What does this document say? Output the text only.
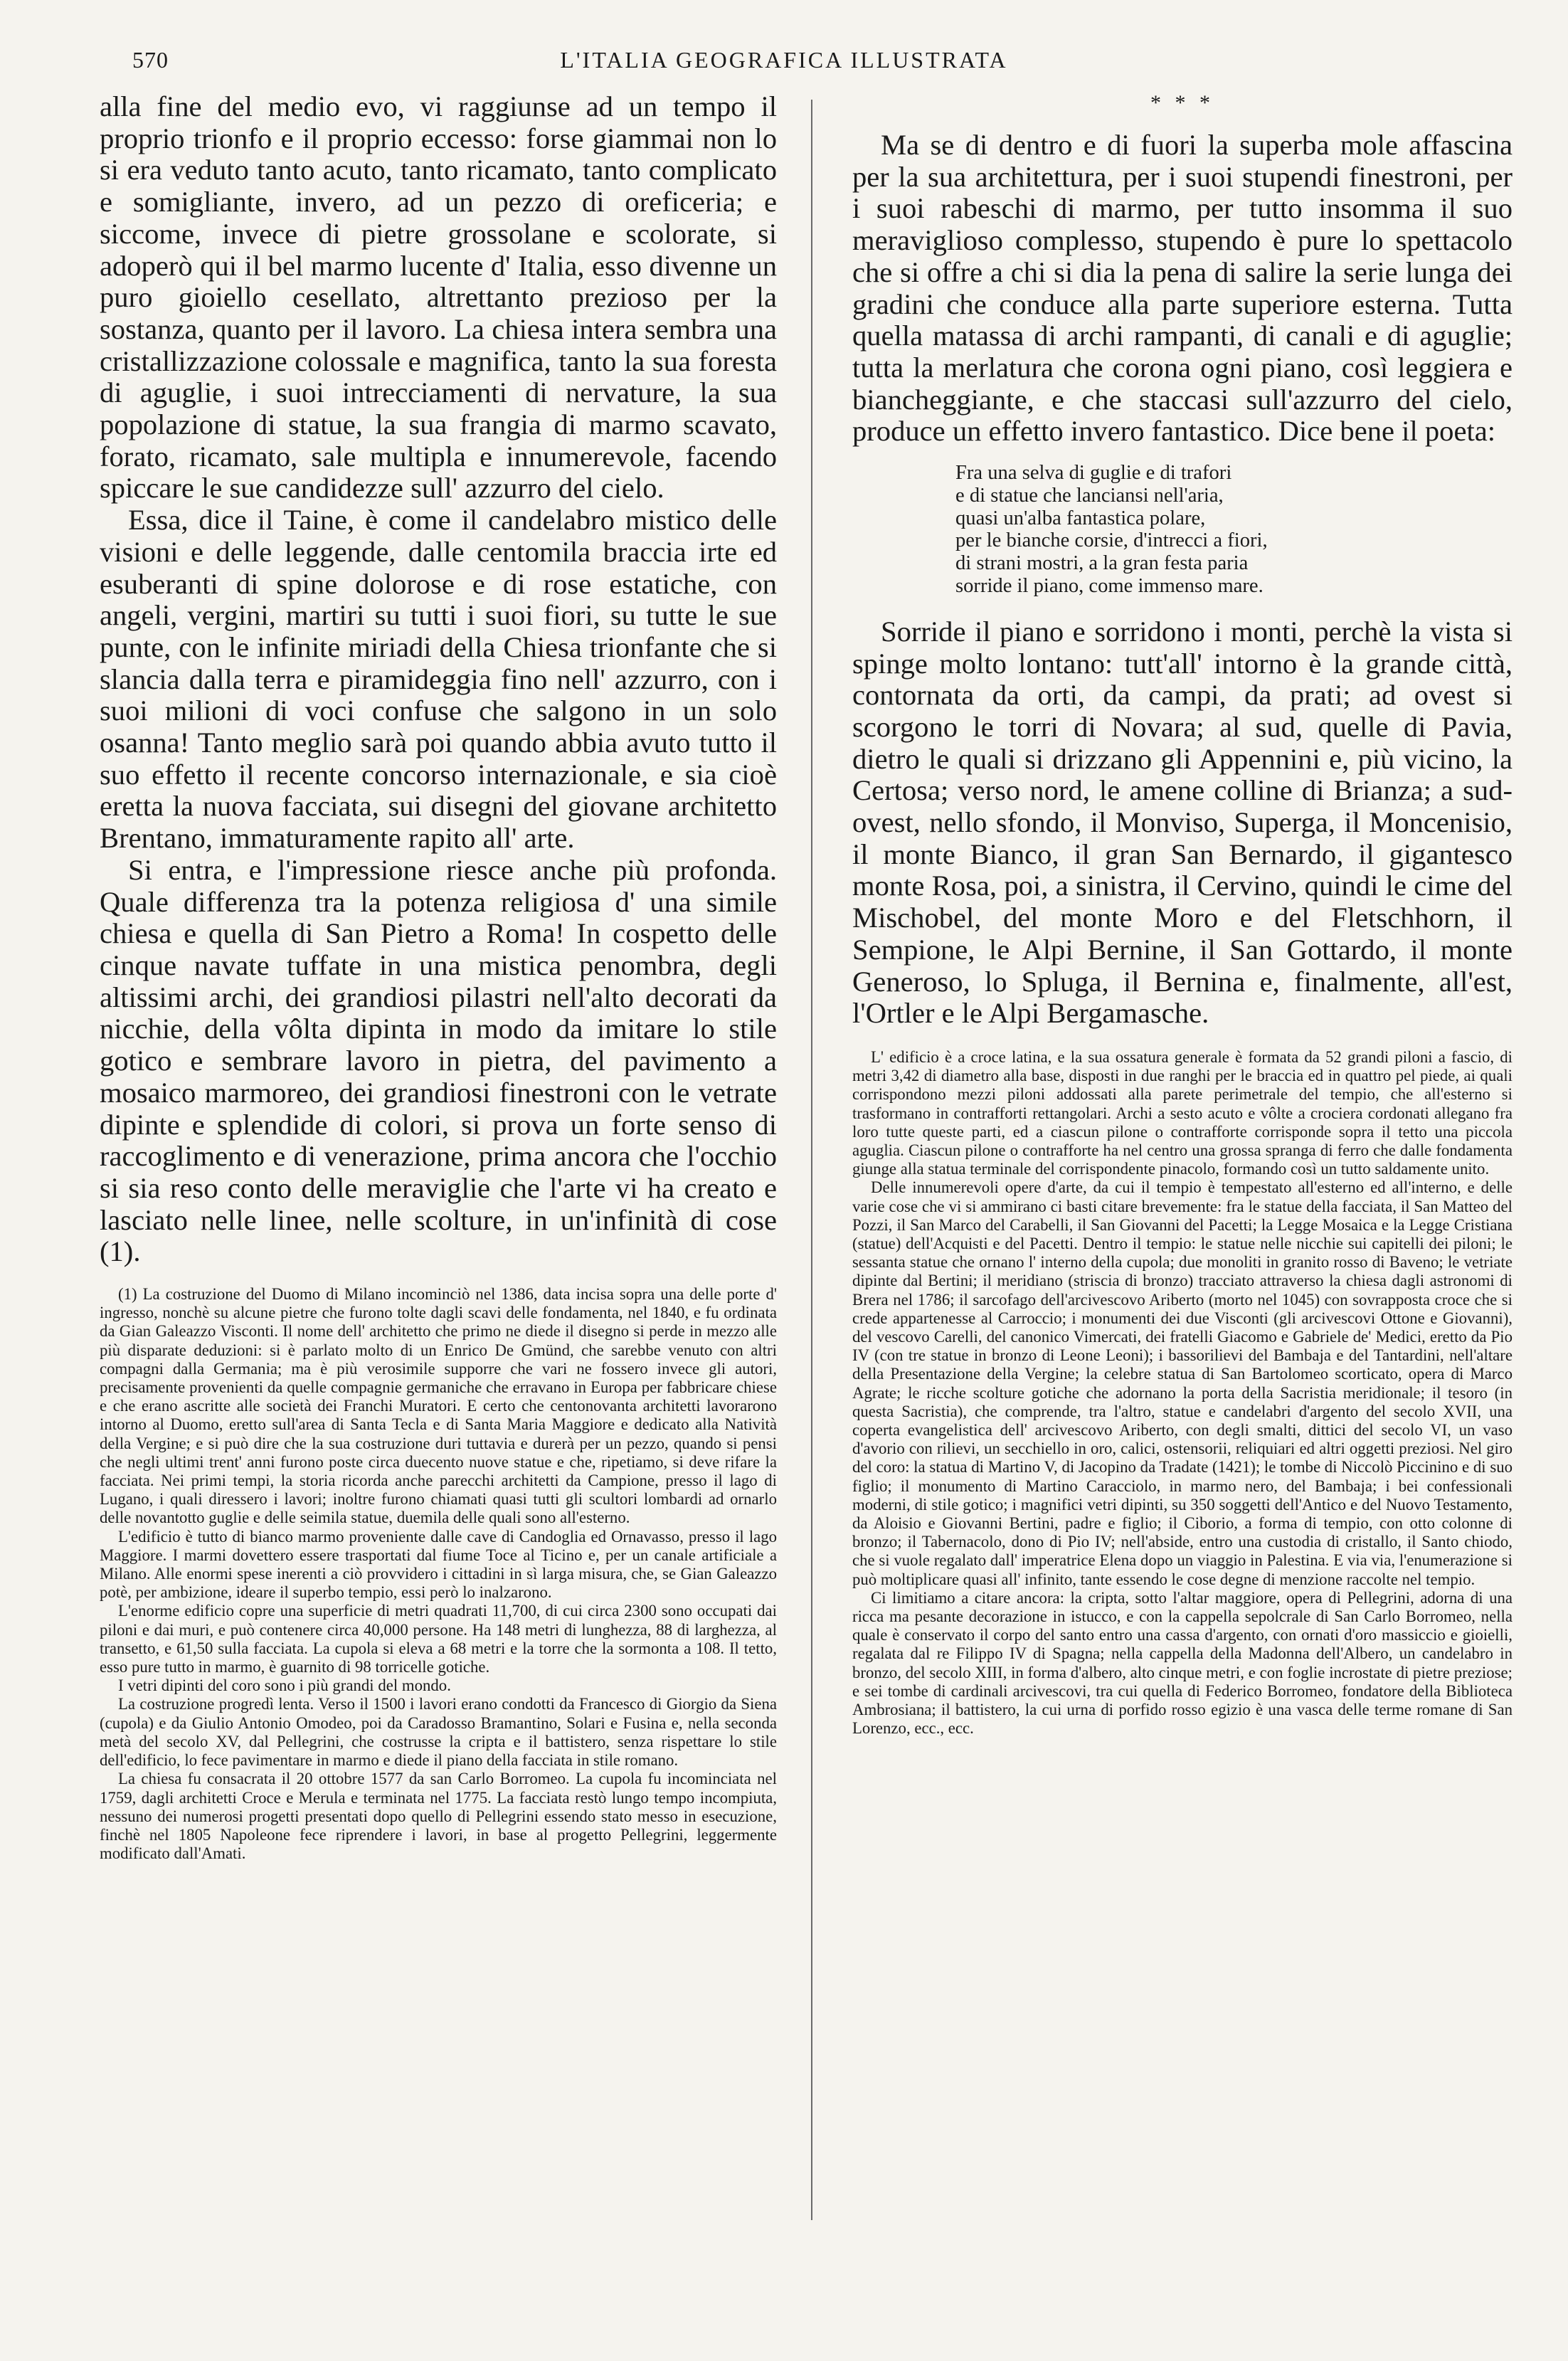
570	L'ITALIA GEOGRAFICA ILLUSTRATA

alla fine del medio evo, vi raggiunse ad un tempo il proprio trionfo e il proprio eccesso: forse giammai non lo si era veduto tanto acuto, tanto ricamato, tanto complicato e somigliante, invero, ad un pezzo di oreficeria; e siccome, invece di pietre grossolane e scolorate, si adoperò qui il bel marmo lucente d' Italia, esso divenne un puro gioiello cesellato, altrettanto prezioso per la sostanza, quanto per il lavoro. La chiesa intera sembra una cristallizzazione colossale e magnifica, tanto la sua foresta di aguglie, i suoi intrecciamenti di nervature, la sua popolazione di statue, la sua frangia di marmo scavato, forato, ricamato, sale multipla e innumerevole, facendo spiccare le sue candidezze sull' azzurro del cielo.

Essa, dice il Taine, è come il candelabro mistico delle visioni e delle leggende, dalle centomila braccia irte ed esuberanti di spine dolorose e di rose estatiche, con angeli, vergini, martiri su tutti i suoi fiori, su tutte le sue punte, con le infinite miriadi della Chiesa trionfante che si slancia dalla terra e piramideggia fino nell' azzurro, con i suoi milioni di voci confuse che salgono in un solo osanna! Tanto meglio sarà poi quando abbia avuto tutto il suo effetto il recente concorso internazionale, e sia cioè eretta la nuova facciata, sui disegni del giovane architetto Brentano, immaturamente rapito all' arte.

Si entra, e l'impressione riesce anche più profonda. Quale differenza tra la potenza religiosa d' una simile chiesa e quella di San Pietro a Roma! In cospetto delle cinque navate tuffate in una mistica penombra, degli altissimi archi, dei grandiosi pilastri nell'alto decorati da nicchie, della vôlta dipinta in modo da imitare lo stile gotico e sembrare lavoro in pietra, del pavimento a mosaico marmoreo, dei grandiosi finestroni con le vetrate dipinte e splendide di colori, si prova un forte senso di raccoglimento e di venerazione, prima ancora che l'occhio si sia reso conto delle meraviglie che l'arte vi ha creato e lasciato nelle linee, nelle scolture, in un'infinità di cose (1).

(1) La costruzione del Duomo di Milano incominciò nel 1386, data incisa sopra una delle porte d' ingresso, nonchè su alcune pietre che furono tolte dagli scavi delle fondamenta, nel 1840, e fu ordinata da Gian Galeazzo Visconti. Il nome dell' architetto che primo ne diede il disegno si perde in mezzo alle più disparate deduzioni: si è parlato molto di un Enrico De Gmünd, che sarebbe venuto con altri compagni dalla Germania; ma è più verosimile supporre che vari ne fossero invece gli autori, precisamente provenienti da quelle compagnie germaniche che erravano in Europa per fabbricare chiese e che erano ascritte alle società dei Franchi Muratori. E certo che centonovanta architetti lavorarono intorno al Duomo, eretto sull'area di Santa Tecla e di Santa Maria Maggiore e dedicato alla Natività della Vergine; e si può dire che la sua costruzione duri tuttavia e durerà per un pezzo, quando si pensi che negli ultimi trent' anni furono poste circa duecento nuove statue e che, ripetiamo, si deve rifare la facciata. Nei primi tempi, la storia ricorda anche parecchi architetti da Campione, presso il lago di Lugano, i quali diressero i lavori; inoltre furono chiamati quasi tutti gli scultori lombardi ad ornarlo delle novantotto guglie e delle seimila statue, duemila delle quali sono all'esterno.

L'edificio è tutto di bianco marmo proveniente dalle cave di Candoglia ed Ornavasso, presso il lago Maggiore. I marmi dovettero essere trasportati dal fiume Toce al Ticino e, per un canale artificiale a Milano. Alle enormi spese inerenti a ciò provvidero i cittadini in sì larga misura, che, se Gian Galeazzo potè, per ambizione, ideare il superbo tempio, essi però lo inalzarono.

L'enorme edificio copre una superficie di metri quadrati 11,700, di cui circa 2300 sono occupati dai piloni e dai muri, e può contenere circa 40,000 persone. Ha 148 metri di lunghezza, 88 di larghezza, al transetto, e 61,50 sulla facciata. La cupola si eleva a 68 metri e la torre che la sormonta a 108. Il tetto, esso pure tutto in marmo, è guarnito di 98 torricelle gotiche.

I vetri dipinti del coro sono i più grandi del mondo.

La costruzione progredì lenta. Verso il 1500 i lavori erano condotti da Francesco di Giorgio da Siena (cupola) e da Giulio Antonio Omodeo, poi da Caradosso Bramantino, Solari e Fusina e, nella seconda metà del secolo XV, dal Pellegrini, che costrusse la cripta e il battistero, senza rispettare lo stile dell'edificio, lo fece pavimentare in marmo e diede il piano della facciata in stile romano.

La chiesa fu consacrata il 20 ottobre 1577 da san Carlo Borromeo. La cupola fu incominciata nel 1759, dagli architetti Croce e Merula e terminata nel 1775. La facciata restò lungo tempo incompiuta, nessuno dei numerosi progetti presentati dopo quello di Pellegrini essendo stato messo in esecuzione, finchè nel 1805 Napoleone fece riprendere i lavori, in base al progetto Pellegrini, leggermente modificato dall'Amati.

* * *

Ma se di dentro e di fuori la superba mole affascina per la sua architettura, per i suoi stupendi finestroni, per i suoi rabeschi di marmo, per tutto insomma il suo meraviglioso complesso, stupendo è pure lo spettacolo che si offre a chi si dia la pena di salire la serie lunga dei gradini che conduce alla parte superiore esterna. Tutta quella matassa di archi rampanti, di canali e di aguglie; tutta la merlatura che corona ogni piano, così leggiera e biancheggiante, e che staccasi sull'azzurro del cielo, produce un effetto invero fantastico. Dice bene il poeta:

Fra una selva di guglie e di trafori
e di statue che lanciansi nell'aria,
quasi un'alba fantastica polare,
per le bianche corsie, d'intrecci a fiori,
di strani mostri, a la gran festa paria
sorride il piano, come immenso mare.

Sorride il piano e sorridono i monti, perchè la vista si spinge molto lontano: tutt'all' intorno è la grande città, contornata da orti, da campi, da prati; ad ovest si scorgono le torri di Novara; al sud, quelle di Pavia, dietro le quali si drizzano gli Appennini e, più vicino, la Certosa; verso nord, le amene colline di Brianza; a sud-ovest, nello sfondo, il Monviso, Superga, il Moncenisio, il monte Bianco, il gran San Bernardo, il gigantesco monte Rosa, poi, a sinistra, il Cervino, quindi le cime del Mischobel, del monte Moro e del Fletschhorn, il Sempione, le Alpi Bernine, il San Gottardo, il monte Generoso, lo Spluga, il Bernina e, finalmente, all'est, l'Ortler e le Alpi Bergamasche.

L' edificio è a croce latina, e la sua ossatura generale è formata da 52 grandi piloni a fascio, di metri 3,42 di diametro alla base, disposti in due ranghi per le braccia ed in quattro pel piede, ai quali corrispondono mezzi piloni addossati alla parete perimetrale del tempio, che all'esterno si trasformano in contrafforti rettangolari. Archi a sesto acuto e vôlte a crociera cordonati allegano fra loro tutte queste parti, ed a ciascun pilone o contrafforte corrisponde sopra il tetto una piccola aguglia. Ciascun pilone o contrafforte ha nel centro una grossa spranga di ferro che dalle fondamenta giunge alla statua terminale del corrispondente pinacolo, formando così un tutto saldamente unito.

Delle innumerevoli opere d'arte, da cui il tempio è tempestato all'esterno ed all'interno, e delle varie cose che vi si ammirano ci basti citare brevemente: fra le statue della facciata, il San Matteo del Pozzi, il San Marco del Carabelli, il San Giovanni del Pacetti; la Legge Mosaica e la Legge Cristiana (statue) dell'Acquisti e del Pacetti. Dentro il tempio: le statue nelle nicchie sui capitelli dei piloni; le sessanta statue che ornano l' interno della cupola; due monoliti in granito rosso di Baveno; le vetriate dipinte dal Bertini; il meridiano (striscia di bronzo) tracciato attraverso la chiesa dagli astronomi di Brera nel 1786; il sarcofago dell'arcivescovo Ariberto (morto nel 1045) con sovrapposta croce che si crede appartenesse al Carroccio; i monumenti dei due Visconti (gli arcivescovi Ottone e Giovanni), del vescovo Carelli, del canonico Vimercati, dei fratelli Giacomo e Gabriele de' Medici, eretto da Pio IV (con tre statue in bronzo di Leone Leoni); i bassorilievi del Bambaja e del Tantardini, nell'altare della Presentazione della Vergine; la celebre statua di San Bartolomeo scorticato, opera di Marco Agrate; le ricche scolture gotiche che adornano la porta della Sacristia meridionale; il tesoro (in questa Sacristia), che comprende, tra l'altro, statue e candelabri d'argento del secolo XVII, una coperta evangelistica dell' arcivescovo Ariberto, con degli smalti, dittici del secolo VI, un vaso d'avorio con rilievi, un secchiello in oro, calici, ostensorii, reliquiari ed altri oggetti preziosi. Nel giro del coro: la statua di Martino V, di Jacopino da Tradate (1421); le tombe di Niccolò Piccinino e di suo figlio; il monumento di Martino Caracciolo, in marmo nero, del Bambaja; i bei confessionali moderni, di stile gotico; i magnifici vetri dipinti, su 350 soggetti dell'Antico e del Nuovo Testamento, da Aloisio e Giovanni Bertini, padre e figlio; il Ciborio, a forma di tempio, con otto colonne di bronzo; il Tabernacolo, dono di Pio IV; nell'abside, entro una custodia di cristallo, il Santo chiodo, che si vuole regalato dall' imperatrice Elena dopo un viaggio in Palestina. E via via, l'enumerazione si può moltiplicare quasi all' infinito, tante essendo le cose degne di menzione raccolte nel tempio.

Ci limitiamo a citare ancora: la cripta, sotto l'altar maggiore, opera di Pellegrini, adorna di una ricca ma pesante decorazione in istucco, e con la cappella sepolcrale di San Carlo Borromeo, nella quale è conservato il corpo del santo entro una cassa d'argento, con ornati d'oro massiccio e gioielli, regalata dal re Filippo IV di Spagna; nella cappella della Madonna dell'Albero, un candelabro in bronzo, del secolo XIII, in forma d'albero, alto cinque metri, e con foglie incrostate di pietre preziose; e sei tombe di cardinali arcivescovi, tra cui quella di Federico Borromeo, fondatore della Biblioteca Ambrosiana; il battistero, la cui urna di porfido rosso egizio è una vasca delle terme romane di San Lorenzo, ecc., ecc.
